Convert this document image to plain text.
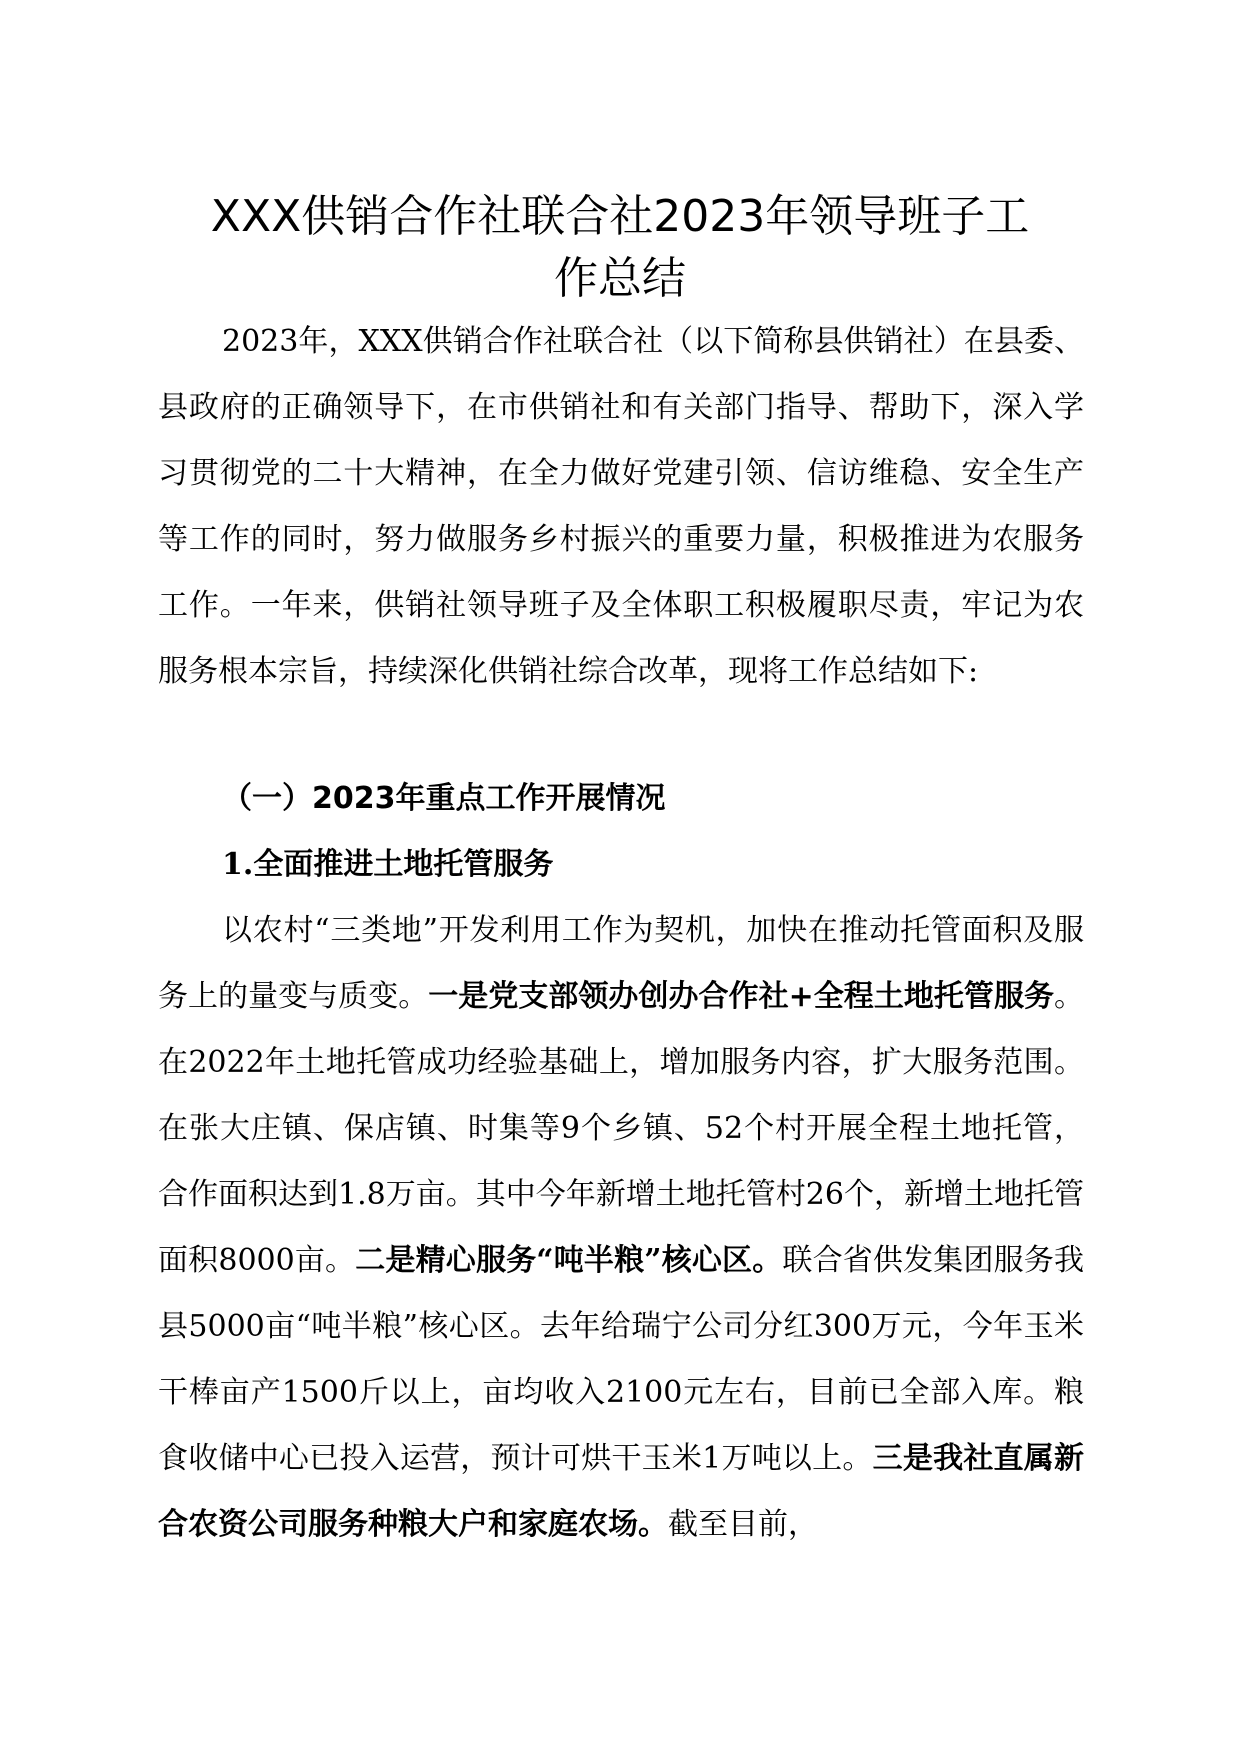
XXX供销合作社联合社2023年领导班子工
作总结

2023年，XXX供销合作社联合社（以下简称县供销社）在县委、县政府的正确领导下，在市供销社和有关部门指导、帮助下，深入学习贯彻党的二十大精神，在全力做好党建引领、信访维稳、安全生产等工作的同时，努力做服务乡村振兴的重要力量，积极推进为农服务工作。一年来，供销社领导班子及全体职工积极履职尽责，牢记为农服务根本宗旨，持续深化供销社综合改革，现将工作总结如下:

（一）2023年重点工作开展情况
1.全面推进土地托管服务

以农村“三类地”开发利用工作为契机，加快在推动托管面积及服务上的量变与质变。一是党支部领办创办合作社+全程土地托管服务。在2022年土地托管成功经验基础上，增加服务内容，扩大服务范围。在张大庄镇、保店镇、时集等9个乡镇、52个村开展全程土地托管，合作面积达到1.8万亩。其中今年新增土地托管村26个，新增土地托管面积8000亩。二是精心服务“吨半粮”核心区。联合省供发集团服务我县5000亩“吨半粮”核心区。去年给瑞宁公司分红300万元，今年玉米干棒亩产1500斤以上，亩均收入2100元左右，目前已全部入库。粮食收储中心已投入运营，预计可烘干玉米1万吨以上。三是我社直属新合农资公司服务种粮大户和家庭农场。截至目前，
